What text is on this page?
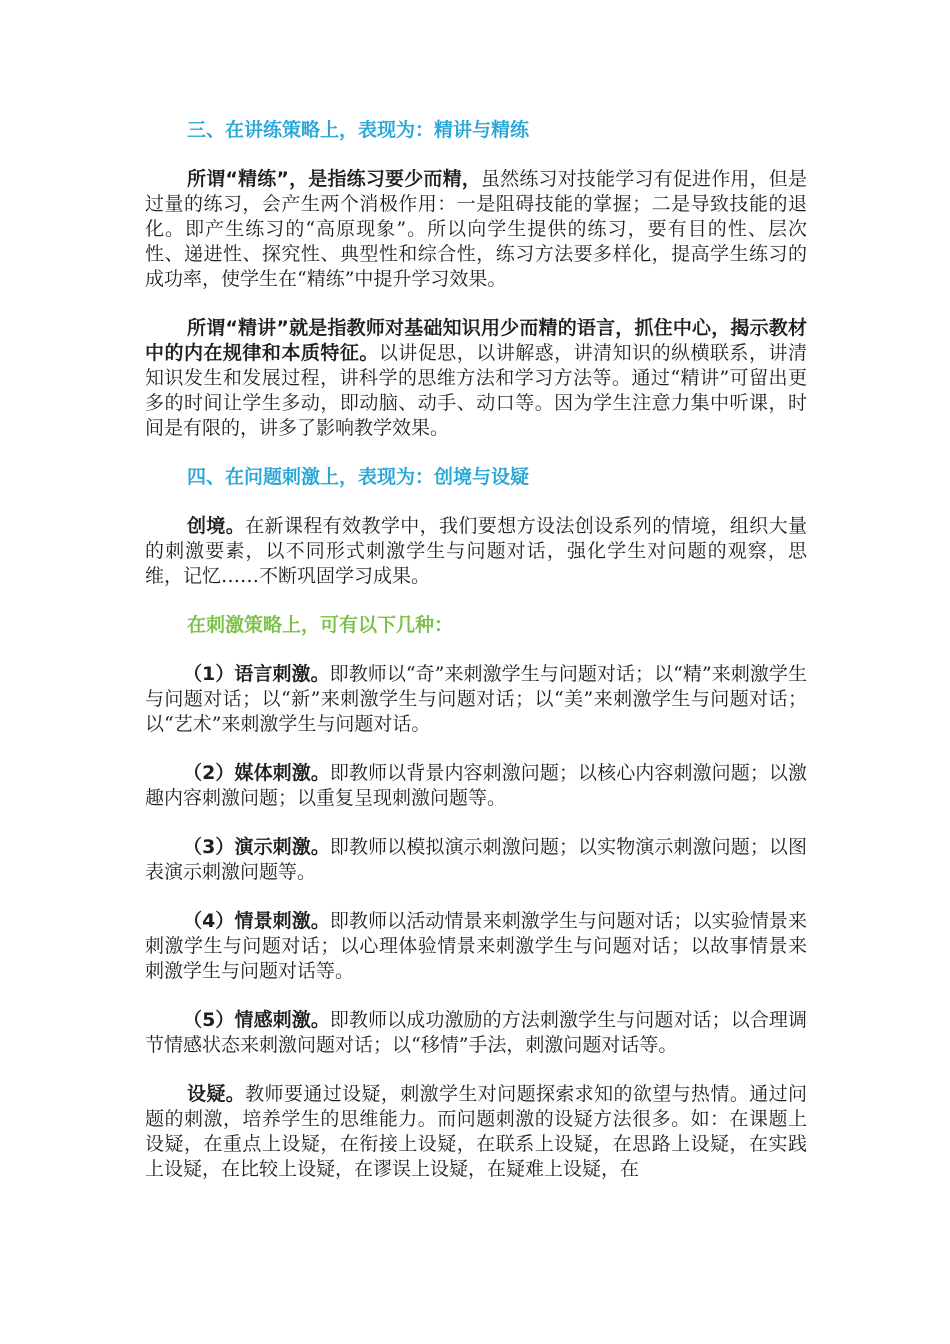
三、在讲练策略上，表现为：精讲与精练

所谓“精练”，是指练习要少而精，虽然练习对技能学习有促进作用，但是过量的练习，会产生两个消极作用：一是阻碍技能的掌握；二是导致技能的退化。即产生练习的“高原现象”。所以向学生提供的练习，要有目的性、层次性、递进性、探究性、典型性和综合性，练习方法要多样化，提高学生练习的成功率，使学生在“精练”中提升学习效果。

所谓“精讲”就是指教师对基础知识用少而精的语言，抓住中心，揭示教材中的内在规律和本质特征。以讲促思，以讲解惑，讲清知识的纵横联系，讲清知识发生和发展过程，讲科学的思维方法和学习方法等。通过“精讲”可留出更多的时间让学生多动，即动脑、动手、动口等。因为学生注意力集中听课，时间是有限的，讲多了影响教学效果。

四、在问题刺激上，表现为：创境与设疑

创境。在新课程有效教学中，我们要想方设法创设系列的情境，组织大量的刺激要素，以不同形式刺激学生与问题对话，强化学生对问题的观察，思维，记忆……不断巩固学习成果。

在刺激策略上，可有以下几种：

（1）语言刺激。即教师以“奇”来刺激学生与问题对话；以“精”来刺激学生与问题对话；以“新”来刺激学生与问题对话；以“美”来刺激学生与问题对话；以“艺术”来刺激学生与问题对话。

（2）媒体刺激。即教师以背景内容刺激问题；以核心内容刺激问题；以激趣内容刺激问题；以重复呈现刺激问题等。

（3）演示刺激。即教师以模拟演示刺激问题；以实物演示刺激问题；以图表演示刺激问题等。

（4）情景刺激。即教师以活动情景来刺激学生与问题对话；以实验情景来刺激学生与问题对话；以心理体验情景来刺激学生与问题对话；以故事情景来刺激学生与问题对话等。

（5）情感刺激。即教师以成功激励的方法刺激学生与问题对话；以合理调节情感状态来刺激问题对话；以“移情”手法，刺激问题对话等。

设疑。教师要通过设疑，刺激学生对问题探索求知的欲望与热情。通过问题的刺激，培养学生的思维能力。而问题刺激的设疑方法很多。如：在课题上设疑，在重点上设疑，在衔接上设疑，在联系上设疑，在思路上设疑，在实践上设疑，在比较上设疑，在谬误上设疑，在疑难上设疑，在
